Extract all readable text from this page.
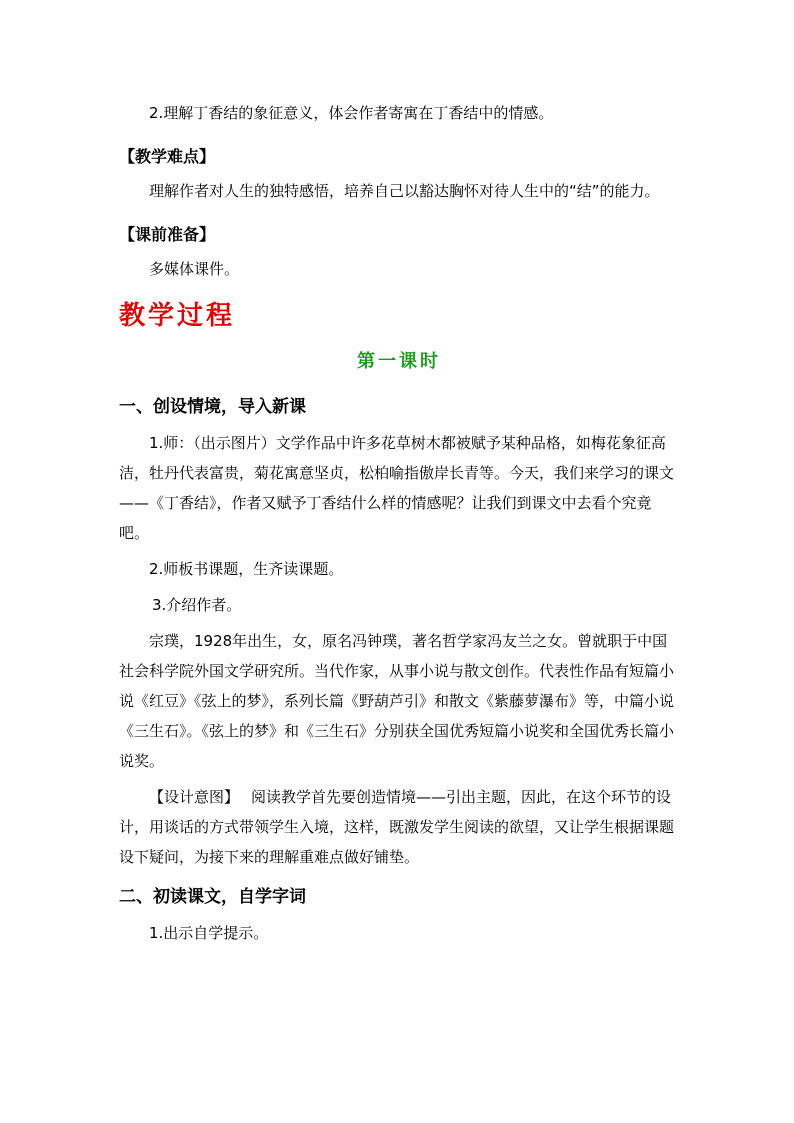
2.理解丁香结的象征意义，体会作者寄寓在丁香结中的情感。

【教学难点】

理解作者对人生的独特感悟，培养自己以豁达胸怀对待人生中的“结”的能力。

【课前准备】

多媒体课件。

教学过程
第一课时
一、创设情境，导入新课

1.师：（出示图片）文学作品中许多花草树木都被赋予某种品格，如梅花象征高洁，牡丹代表富贵，菊花寓意坚贞，松柏喻指傲岸长青等。今天，我们来学习的课文——《丁香结》，作者又赋予丁香结什么样的情感呢？让我们到课文中去看个究竟吧。

2.师板书课题，生齐读课题。

3.介绍作者。

宗璞，1928年出生，女，原名冯钟璞，著名哲学家冯友兰之女。曾就职于中国社会科学院外国文学研究所。当代作家，从事小说与散文创作。代表性作品有短篇小说《红豆》《弦上的梦》，系列长篇《野葫芦引》和散文《紫藤萝瀑布》等，中篇小说《三生石》。《弦上的梦》和《三生石》分别获全国优秀短篇小说奖和全国优秀长篇小说奖。

【设计意图】 阅读教学首先要创造情境——引出主题，因此，在这个环节的设计，用谈话的方式带领学生入境，这样，既激发学生阅读的欲望，又让学生根据课题设下疑问，为接下来的理解重难点做好铺垫。

二、初读课文，自学字词

1.出示自学提示。
